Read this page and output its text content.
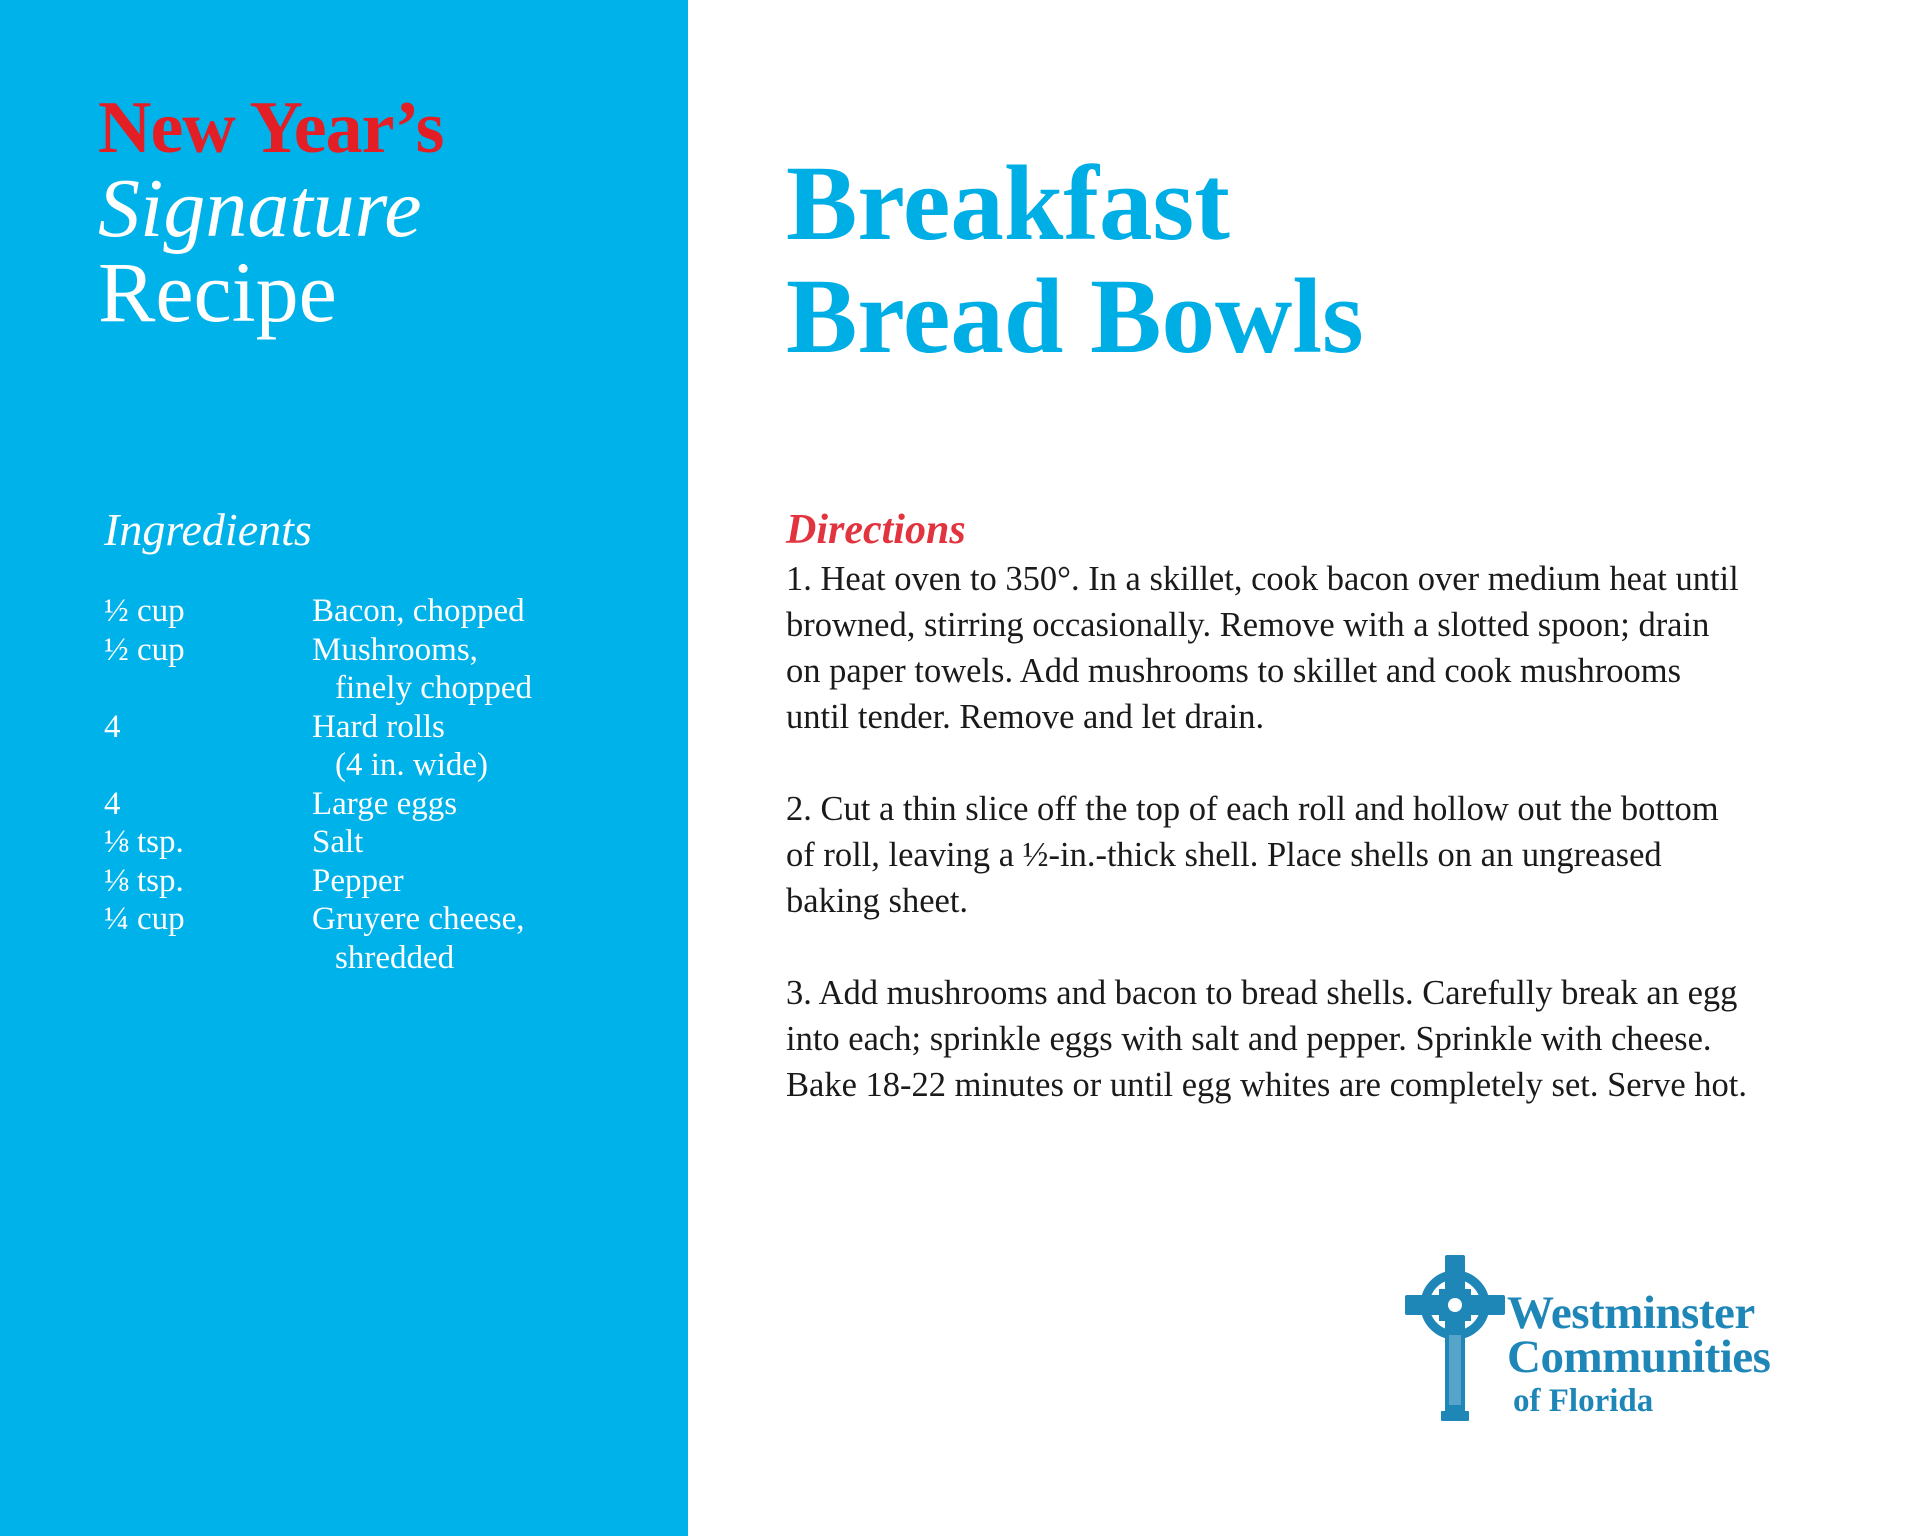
New Year’s
Signature
Recipe
Ingredients
½ cup	Bacon, chopped
½ cup	Mushrooms,
finely chopped
4	Hard rolls
(4 in. wide)
4	Large eggs
⅛ tsp.	Salt
⅛ tsp.	Pepper
¼ cup	Gruyere cheese,
shredded
Breakfast
Bread Bowls
Directions
1. Heat oven to 350°. In a skillet, cook bacon over medium heat until
browned, stirring occasionally. Remove with a slotted spoon; drain
on paper towels. Add mushrooms to skillet and cook mushrooms
until tender. Remove and let drain.
2. Cut a thin slice off the top of each roll and hollow out the bottom
of roll, leaving a ½-in.-thick shell. Place shells on an ungreased
baking sheet.
3. Add mushrooms and bacon to bread shells. Carefully break an egg
into each; sprinkle eggs with salt and pepper. Sprinkle with cheese.
Bake 18-22 minutes or until egg whites are completely set. Serve hot.
Westminster
Communities
of Florida
